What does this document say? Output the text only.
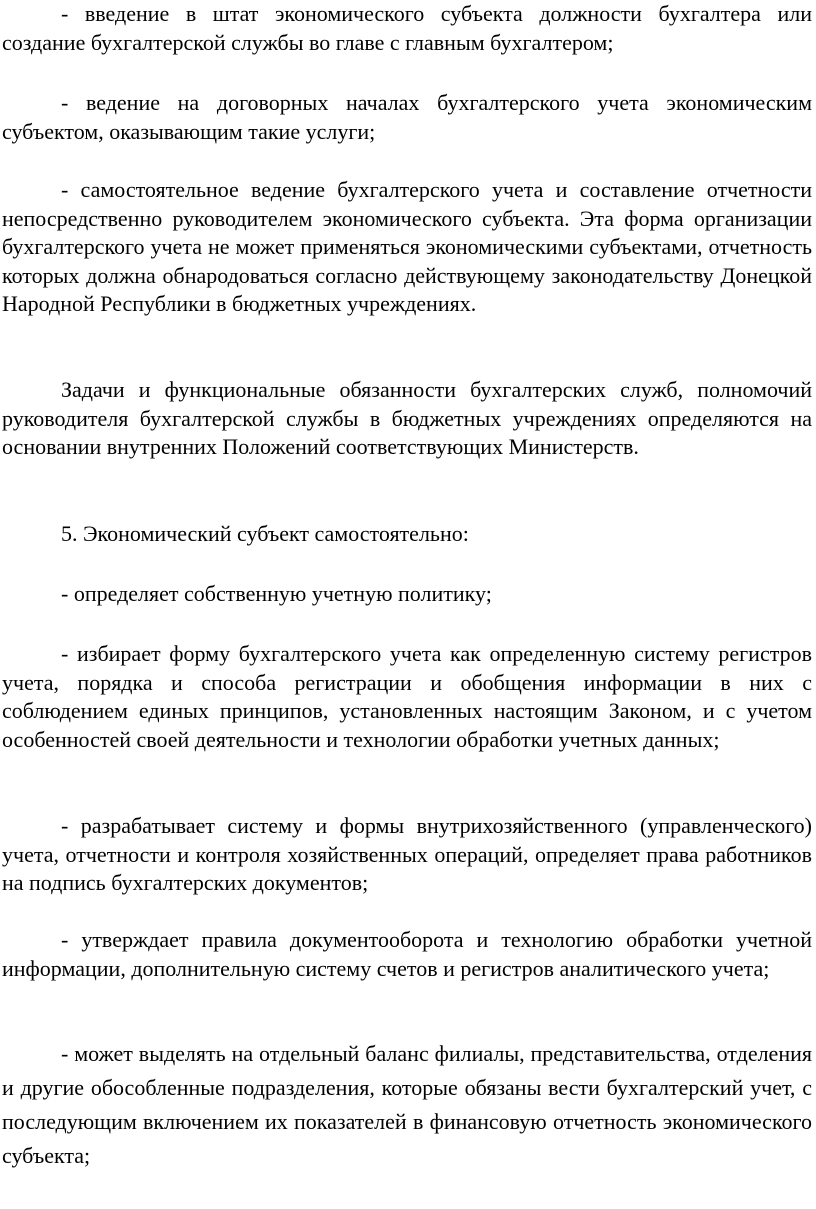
- введение в штат экономического субъекта должности бухгалтера или создание бухгалтерской службы во главе с главным бухгалтером;

- ведение на договорных началах бухгалтерского учета экономическим субъектом, оказывающим такие услуги;

- самостоятельное ведение бухгалтерского учета и составление отчетности непосредственно руководителем экономического субъекта. Эта форма организации бухгалтерского учета не может применяться экономическими субъектами, отчетность которых должна обнародоваться согласно действующему законодательству Донецкой Народной Республики в бюджетных учреждениях.

Задачи и функциональные обязанности бухгалтерских служб, полномочий руководителя бухгалтерской службы в бюджетных учреждениях определяются на основании внутренних Положений соответствующих Министерств.

5. Экономический субъект самостоятельно:

- определяет собственную учетную политику;

- избирает форму бухгалтерского учета как определенную систему регистров учета, порядка и способа регистрации и обобщения информации в них с соблюдением единых принципов, установленных настоящим Законом, и с учетом особенностей своей деятельности и технологии обработки учетных данных;

- разрабатывает систему и формы внутрихозяйственного (управленческого) учета, отчетности и контроля хозяйственных операций, определяет права работников на подпись бухгалтерских документов;

- утверждает правила документооборота и технологию обработки учетной информации, дополнительную систему счетов и регистров аналитического учета;

- может выделять на отдельный баланс филиалы, представительства, отделения и другие обособленные подразделения, которые обязаны вести бухгалтерский учет, с последующим включением их показателей в финансовую отчетность экономического субъекта;
